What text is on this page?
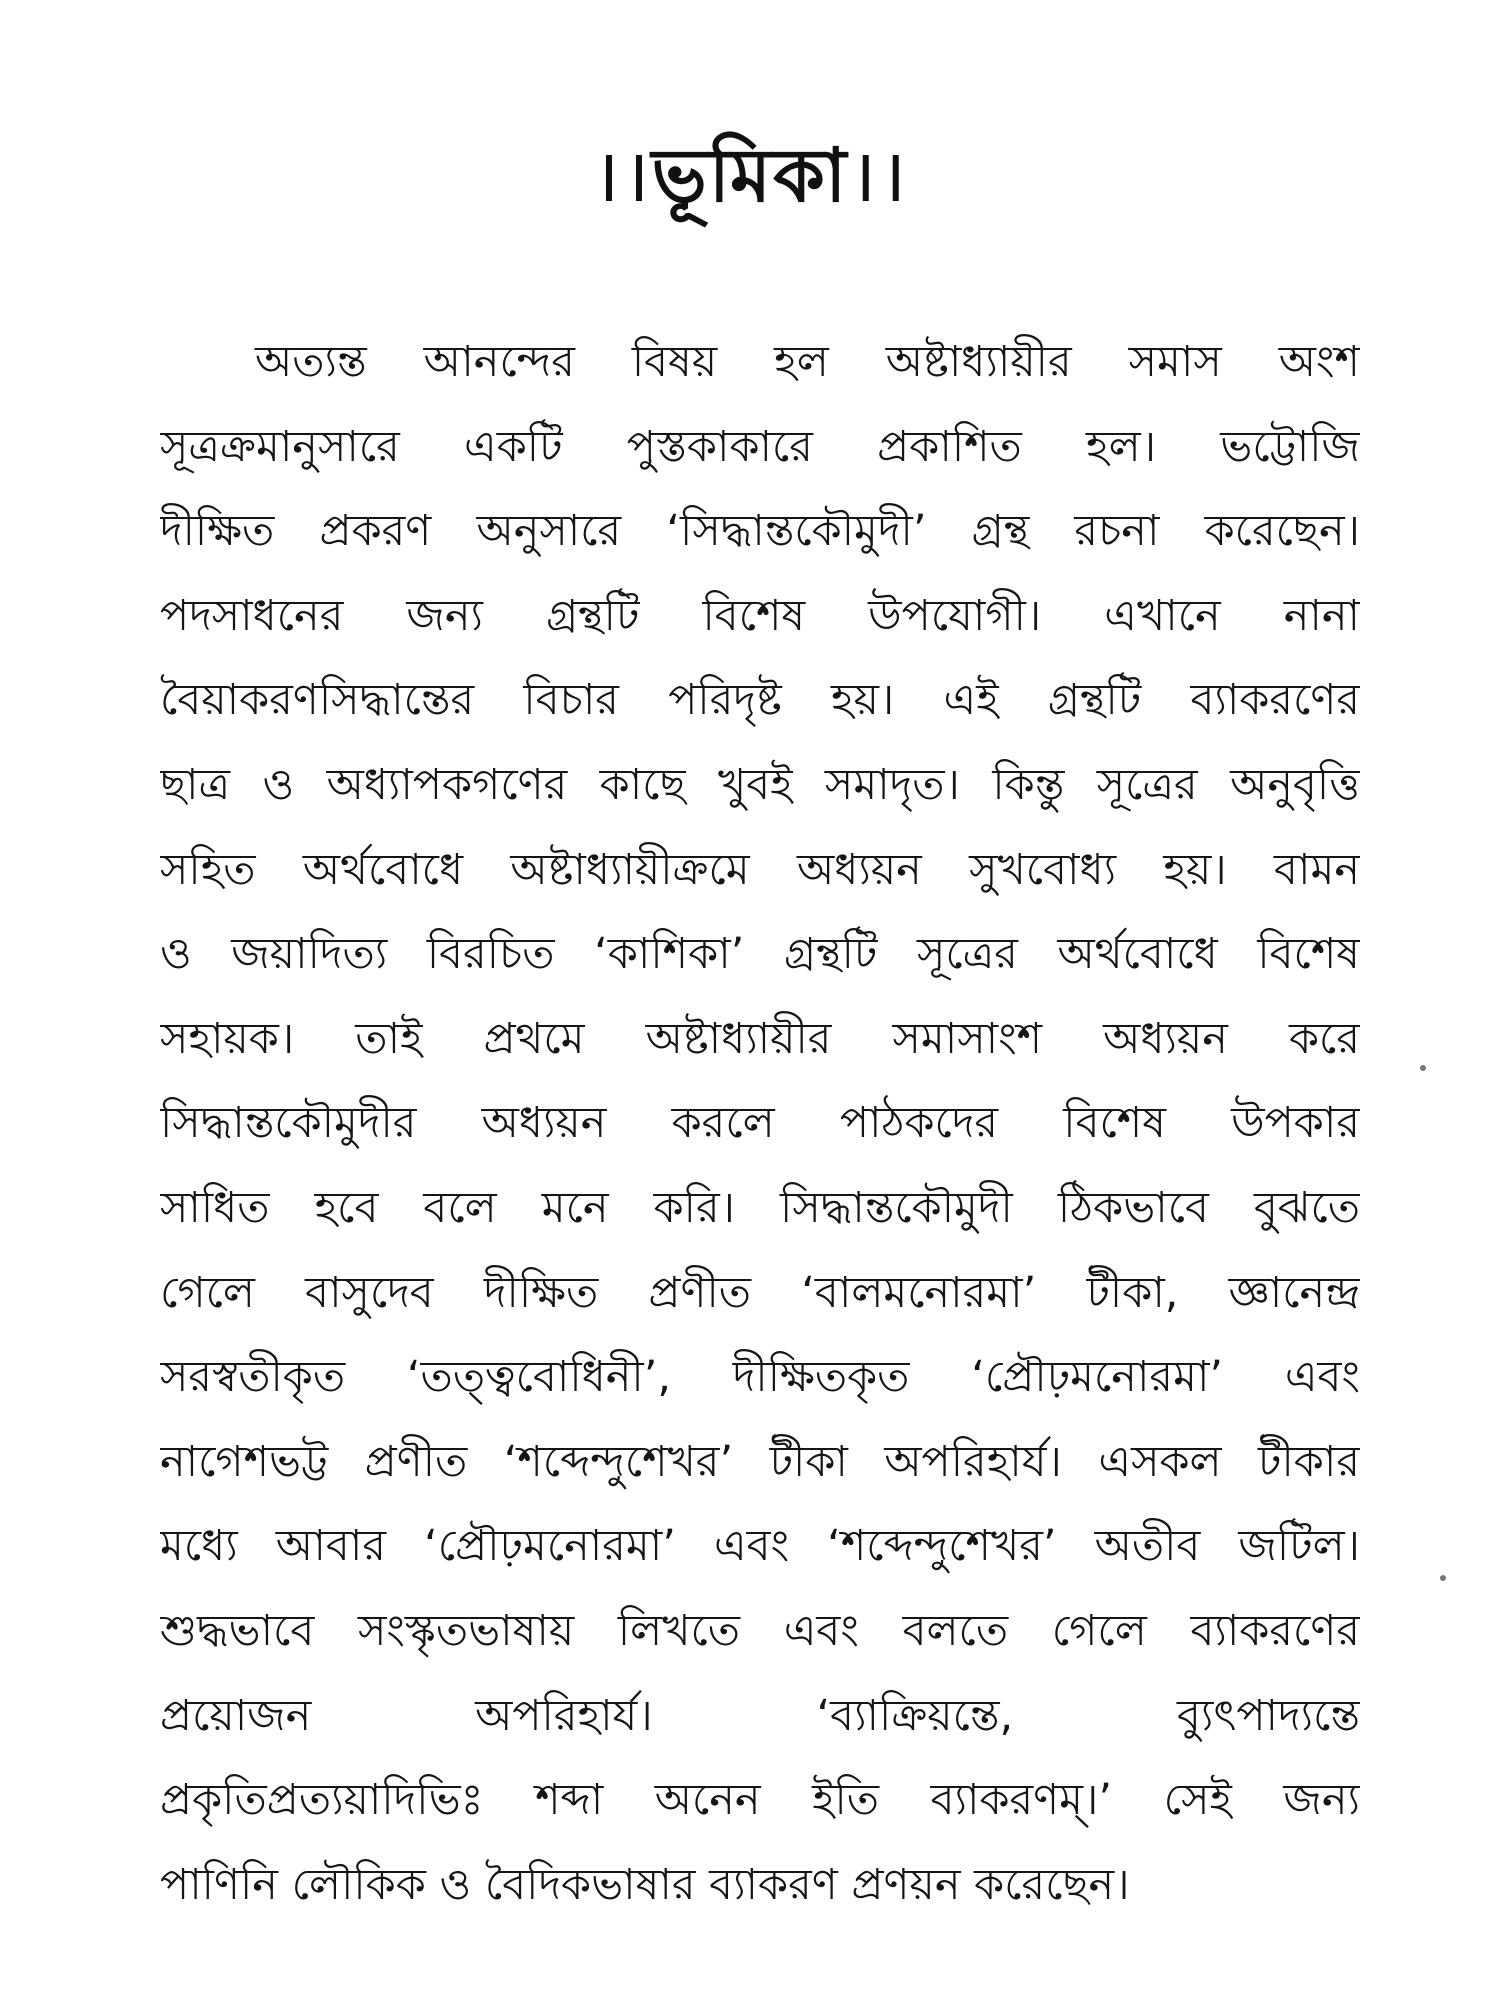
।।ভূমিকা।।
অত্যন্ত আনন্দের বিষয় হল অষ্টাধ্যায়ীর সমাস অংশ
সূত্রক্রমানুসারে একটি পুস্তকাকারে প্রকাশিত হল। ভট্টোজি
দীক্ষিত প্রকরণ অনুসারে ‘সিদ্ধান্তকৌমুদী’ গ্রন্থ রচনা করেছেন।
পদসাধনের জন্য গ্রন্থটি বিশেষ উপযোগী। এখানে নানা
বৈয়াকরণসিদ্ধান্তের বিচার পরিদৃষ্ট হয়। এই গ্রন্থটি ব্যাকরণের
ছাত্র ও অধ্যাপকগণের কাছে খুবই সমাদৃত। কিন্তু সূত্রের অনুবৃত্তি
সহিত অর্থবোধে অষ্টাধ্যায়ীক্রমে অধ্যয়ন সুখবোধ্য হয়। বামন
ও জয়াদিত্য বিরচিত ‘কাশিকা’ গ্রন্থটি সূত্রের অর্থবোধে বিশেষ
সহায়ক। তাই প্রথমে অষ্টাধ্যায়ীর সমাসাংশ অধ্যয়ন করে
সিদ্ধান্তকৌমুদীর অধ্যয়ন করলে পাঠকদের বিশেষ উপকার
সাধিত হবে বলে মনে করি। সিদ্ধান্তকৌমুদী ঠিকভাবে বুঝতে
গেলে বাসুদেব দীক্ষিত প্রণীত ‘বালমনোরমা’ টীকা, জ্ঞানেন্দ্র
সরস্বতীকৃত ‘তত্ত্ববোধিনী’, দীক্ষিতকৃত ‘প্রৌঢ়মনোরমা’ এবং
নাগেশভট্ট প্রণীত ‘শব্দেন্দুশেখর’ টীকা অপরিহার্য। এসকল টীকার
মধ্যে আবার ‘প্রৌঢ়মনোরমা’ এবং ‘শব্দেন্দুশেখর’ অতীব জটিল।
শুদ্ধভাবে সংস্কৃতভাষায় লিখতে এবং বলতে গেলে ব্যাকরণের
প্রয়োজন অপরিহার্য। ‘ব্যাক্রিয়ন্তে, ব্যুৎপাদ্যন্তে
প্রকৃতিপ্রত্যয়াদিভিঃ শব্দা অনেন ইতি ব্যাকরণম্।’ সেই জন্য
পাণিনি লৌকিক ও বৈদিকভাষার ব্যাকরণ প্রণয়ন করেছেন।
